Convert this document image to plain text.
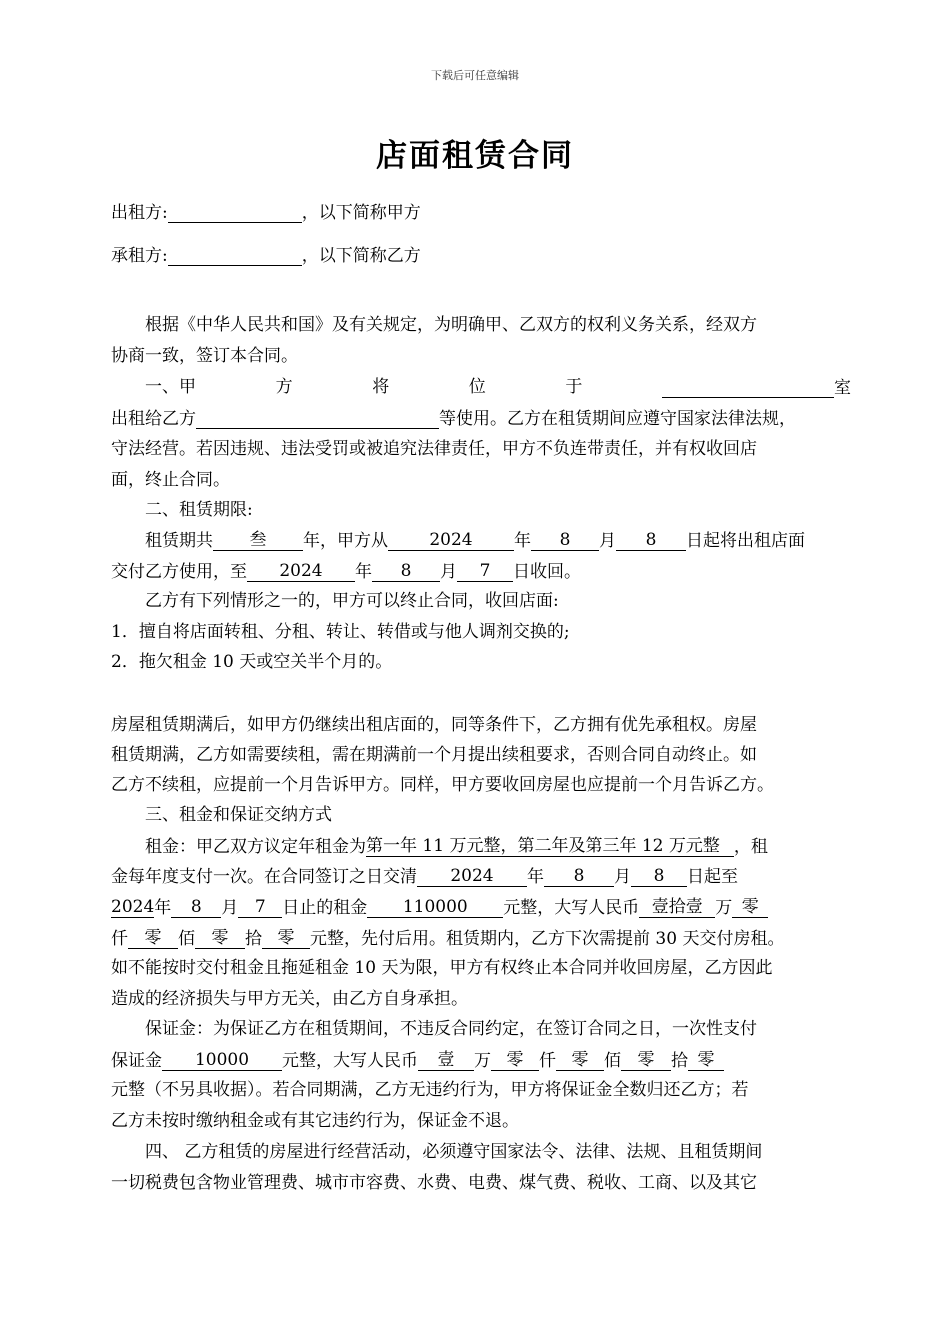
下载后可任意编辑
店面租赁合同
出租方:	，以下简称甲方
承租方:	，以下简称乙方
根据《中华人民共和国》及有关规定，为明确甲、乙双方的权利义务关系，经双方
协商一致，签订本合同。
一、甲	方	将	位	于	室
出租给乙方	等使用。乙方在租赁期间应遵守国家法律法规，
守法经营。若因违规、违法受罚或被追究法律责任，甲方不负连带责任，并有权收回店
面，终止合同。
二、租赁期限:
租赁期共 叁 年，甲方从 2024 年 8 月 8 日起将出租店面
交付乙方使用，至 2024 年 8 月 7 日收回。
乙方有下列情形之一的，甲方可以终止合同，收回店面:
1．擅自将店面转租、分租、转让、转借或与他人调剂交换的;
2．拖欠租金 10 天或空关半个月的。
房屋租赁期满后，如甲方仍继续出租店面的，同等条件下，乙方拥有优先承租权。房屋
租赁期满，乙方如需要续租，需在期满前一个月提出续租要求，否则合同自动终止。如
乙方不续租，应提前一个月告诉甲方。同样，甲方要收回房屋也应提前一个月告诉乙方。
三、租金和保证交纳方式
租金：甲乙双方议定年租金为第一年 11 万元整，第二年及第三年 12 万元整 ，租
金每年度支付一次。在合同签订之日交清 2024 年 8 月 8 日起至
2024年 8 月 7 日止的租金 110000 元整，大写人民币 壹拾壹 万 零
仟 零 佰 零 拾 零 元整，先付后用。租赁期内，乙方下次需提前 30 天交付房租。
如不能按时交付租金且拖延租金 10 天为限，甲方有权终止本合同并收回房屋，乙方因此
造成的经济损失与甲方无关，由乙方自身承担。
保证金：为保证乙方在租赁期间，不违反合同约定，在签订合同之日，一次性支付
保证金 10000 元整，大写人民币 壹 万 零 仟 零 佰 零 拾 零
元整（不另具收据）。若合同期满，乙方无违约行为，甲方将保证金全数归还乙方；若
乙方未按时缴纳租金或有其它违约行为，保证金不退。
四、 乙方租赁的房屋进行经营活动，必须遵守国家法令、法律、法规、且租赁期间
一切税费包含物业管理费、城市市容费、水费、电费、煤气费、税收、工商、以及其它
